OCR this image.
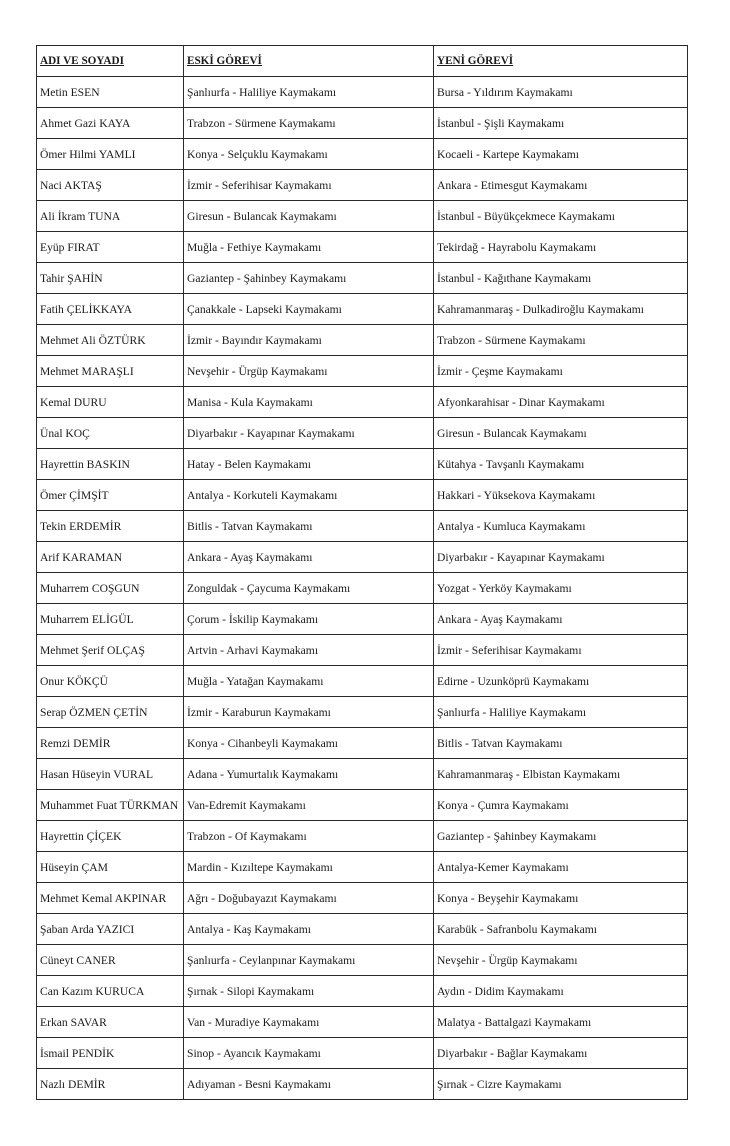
ADI VE SOYADI	ESKİ GÖREVİ	YENİ GÖREVİ
Metin ESEN	Şanlıurfa - Haliliye Kaymakamı	Bursa - Yıldırım Kaymakamı
Ahmet Gazi KAYA	Trabzon - Sürmene Kaymakamı	İstanbul - Şişli Kaymakamı
Ömer Hilmi YAMLI	Konya - Selçuklu Kaymakamı	Kocaeli - Kartepe Kaymakamı
Naci AKTAŞ	İzmir - Seferihisar Kaymakamı	Ankara - Etimesgut Kaymakamı
Ali İkram TUNA	Giresun - Bulancak Kaymakamı	İstanbul - Büyükçekmece Kaymakamı
Eyüp FIRAT	Muğla - Fethiye Kaymakamı	Tekirdağ - Hayrabolu Kaymakamı
Tahir ŞAHİN	Gaziantep - Şahinbey Kaymakamı	İstanbul - Kağıthane Kaymakamı
Fatih ÇELİKKAYA	Çanakkale - Lapseki Kaymakamı	Kahramanmaraş - Dulkadiroğlu Kaymakamı
Mehmet Ali ÖZTÜRK	İzmir - Bayındır Kaymakamı	Trabzon - Sürmene Kaymakamı
Mehmet MARAŞLI	Nevşehir - Ürgüp Kaymakamı	İzmir - Çeşme Kaymakamı
Kemal DURU	Manisa - Kula Kaymakamı	Afyonkarahisar - Dinar Kaymakamı
Ünal KOÇ	Diyarbakır - Kayapınar Kaymakamı	Giresun - Bulancak Kaymakamı
Hayrettin BASKIN	Hatay - Belen Kaymakamı	Kütahya - Tavşanlı Kaymakamı
Ömer ÇİMŞİT	Antalya - Korkuteli Kaymakamı	Hakkari - Yüksekova Kaymakamı
Tekin ERDEMİR	Bitlis - Tatvan Kaymakamı	Antalya - Kumluca Kaymakamı
Arif KARAMAN	Ankara - Ayaş Kaymakamı	Diyarbakır - Kayapınar Kaymakamı
Muharrem COŞGUN	Zonguldak - Çaycuma Kaymakamı	Yozgat - Yerköy Kaymakamı
Muharrem ELİGÜL	Çorum - İskilip Kaymakamı	Ankara - Ayaş Kaymakamı
Mehmet Şerif OLÇAŞ	Artvin - Arhavi Kaymakamı	İzmir - Seferihisar Kaymakamı
Onur KÖKÇÜ	Muğla - Yatağan Kaymakamı	Edirne - Uzunköprü Kaymakamı
Serap ÖZMEN ÇETİN	İzmir - Karaburun Kaymakamı	Şanlıurfa - Haliliye Kaymakamı
Remzi DEMİR	Konya - Cihanbeyli Kaymakamı	Bitlis - Tatvan Kaymakamı
Hasan Hüseyin VURAL	Adana - Yumurtalık Kaymakamı	Kahramanmaraş - Elbistan Kaymakamı
Muhammet Fuat TÜRKMAN	Van-Edremit Kaymakamı	Konya - Çumra Kaymakamı
Hayrettin ÇİÇEK	Trabzon - Of Kaymakamı	Gaziantep - Şahinbey Kaymakamı
Hüseyin ÇAM	Mardin - Kızıltepe Kaymakamı	Antalya-Kemer Kaymakamı
Mehmet Kemal AKPINAR	Ağrı - Doğubayazıt Kaymakamı	Konya - Beyşehir Kaymakamı
Şaban Arda YAZICI	Antalya - Kaş Kaymakamı	Karabük - Safranbolu Kaymakamı
Cüneyt CANER	Şanlıurfa - Ceylanpınar Kaymakamı	Nevşehir - Ürgüp Kaymakamı
Can Kazım KURUCA	Şırnak - Silopi Kaymakamı	Aydın - Didim Kaymakamı
Erkan SAVAR	Van - Muradiye Kaymakamı	Malatya - Battalgazi Kaymakamı
İsmail PENDİK	Sinop - Ayancık Kaymakamı	Diyarbakır - Bağlar Kaymakamı
Nazlı DEMİR	Adıyaman - Besni Kaymakamı	Şırnak - Cizre Kaymakamı
